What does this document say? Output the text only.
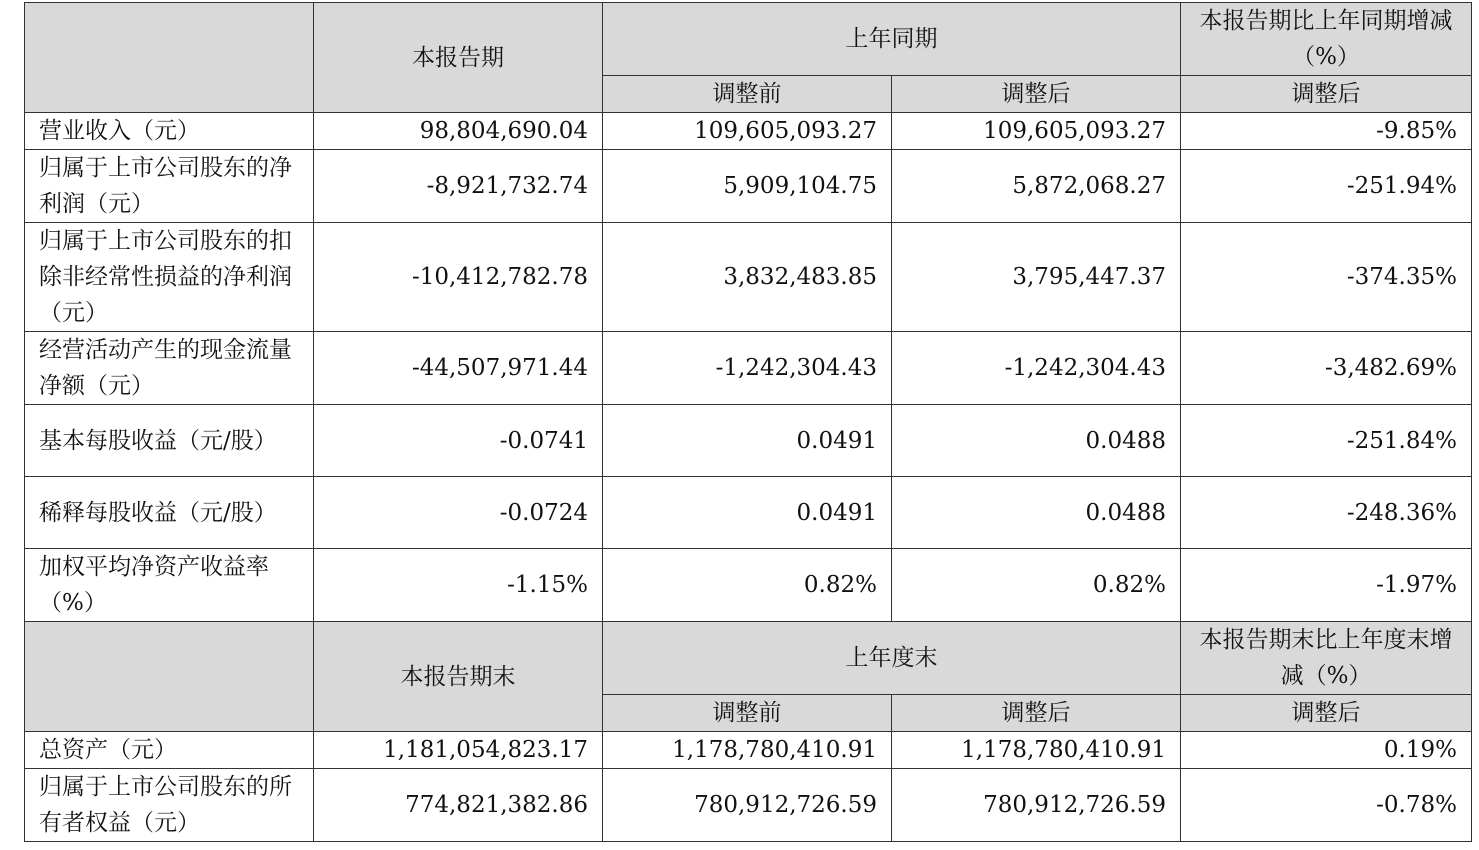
	本报告期	上年同期		本报告期比上年同期增减（%）
		调整前	调整后	调整后
营业收入（元）	98,804,690.04	109,605,093.27	109,605,093.27	-9.85%
归属于上市公司股东的净利润（元）	-8,921,732.74	5,909,104.75	5,872,068.27	-251.94%
归属于上市公司股东的扣除非经常性损益的净利润（元）	-10,412,782.78	3,832,483.85	3,795,447.37	-374.35%
经营活动产生的现金流量净额（元）	-44,507,971.44	-1,242,304.43	-1,242,304.43	-3,482.69%
基本每股收益（元/股）	-0.0741	0.0491	0.0488	-251.84%
稀释每股收益（元/股）	-0.0724	0.0491	0.0488	-248.36%
加权平均净资产收益率（%）	-1.15%	0.82%	0.82%	-1.97%
	本报告期末	上年度末		本报告期末比上年度末增减（%）
		调整前	调整后	调整后
总资产（元）	1,181,054,823.17	1,178,780,410.91	1,178,780,410.91	0.19%
归属于上市公司股东的所有者权益（元）	774,821,382.86	780,912,726.59	780,912,726.59	-0.78%
